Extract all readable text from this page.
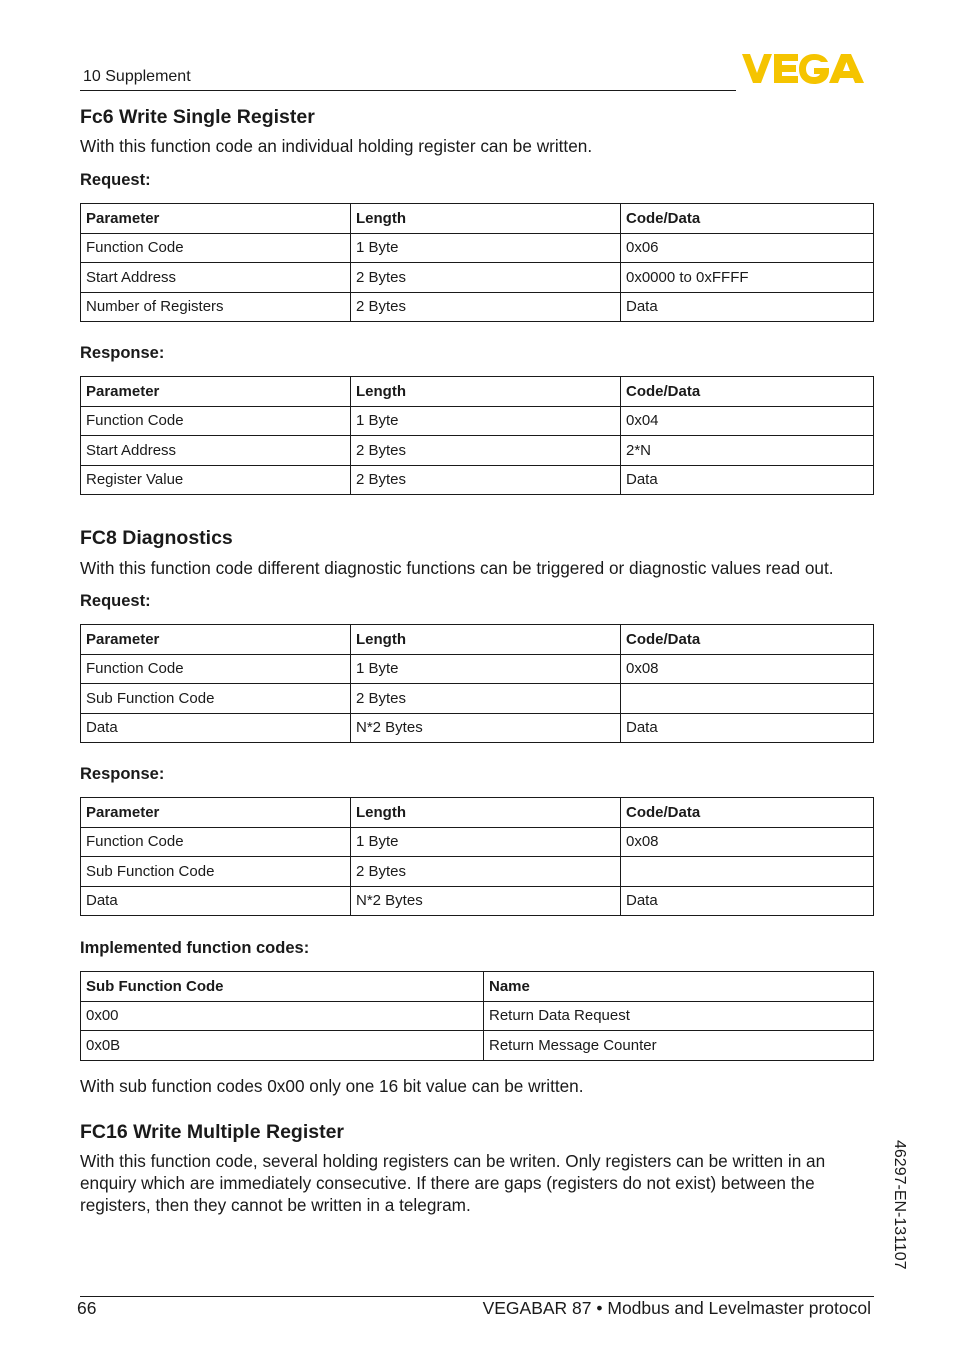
10 Supplement
Fc6 Write Single Register
With this function code an individual holding register can be written.
Request:
Parameter	Length	Code/Data
Function Code	1 Byte	0x06
Start Address	2 Bytes	0x0000 to 0xFFFF
Number of Registers	2 Bytes	Data
Response:
Parameter	Length	Code/Data
Function Code	1 Byte	0x04
Start Address	2 Bytes	2*N
Register Value	2 Bytes	Data
FC8 Diagnostics
With this function code different diagnostic functions can be triggered or diagnostic values read out.
Request:
Parameter	Length	Code/Data
Function Code	1 Byte	0x08
Sub Function Code	2 Bytes	
Data	N*2 Bytes	Data
Response:
Parameter	Length	Code/Data
Function Code	1 Byte	0x08
Sub Function Code	2 Bytes	
Data	N*2 Bytes	Data
Implemented function codes:
Sub Function Code	Name
0x00	Return Data Request
0x0B	Return Message Counter
With sub function codes 0x00 only one 16 bit value can be written.
FC16 Write Multiple Register
With this function code, several holding registers can be writen. Only registers can be written in an
enquiry which are immediately consecutive. If there are gaps (registers do not exist) between the
registers, then they cannot be written in a telegram.	46297-EN-131107
66	VEGABAR 87 • Modbus and Levelmaster protocol
